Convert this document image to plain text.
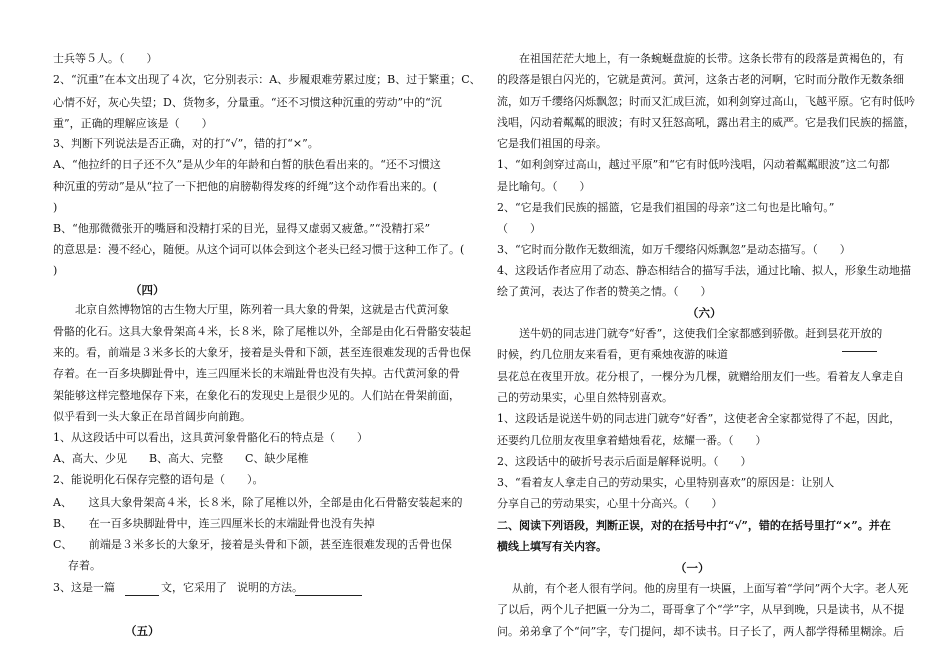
士兵等５人。（　　）
2、“沉重”在本文出现了４次，它分别表示：A、步履艰难劳累过度；B、过于繁重；C、
心情不好，灰心失望；D、货物多，分量重。“还不习惯这种沉重的劳动”中的“沉
重”，正确的理解应该是（　　）
3、判断下列说法是否正确，对的打“√”，错的打“×”。
A、“他拉纤的日子还不久”是从少年的年龄和白皙的肤色看出来的。“还不习惯这
种沉重的劳动”是从“拉了一下把他的肩膀勒得发疼的纤绳”这个动作看出来的。(
)
B、“他那微微张开的嘴唇和没精打采的目光，显得又虚弱又疲惫。”“没精打采”
的意思是：漫不经心，随便。从这个词可以体会到这个老头已经习惯于这种工作了。(
)
（四）
北京自然博物馆的古生物大厅里，陈列着一具大象的骨架，这就是古代黄河象
骨骼的化石。这具大象骨架高４米，长８米，除了尾椎以外，全部是由化石骨骼安装起
来的。看，前端是３米多长的大象牙，接着是头骨和下颌，甚至连很难发现的舌骨也保
存着。在一百多块脚趾骨中，连三四厘米长的末端趾骨也没有失掉。古代黄河象的骨
架能够这样完整地保存下来，在象化石的发现史上是很少见的。人们站在骨架前面，
似乎看到一头大象正在昂首阔步向前跑。
1、从这段话中可以看出，这具黄河象骨骼化石的特点是（　　）
A、高大、少见　　B、高大、完整　　C、缺少尾椎
2、能说明化石保存完整的语句是（　　）。
A、　　这具大象骨架高４米，长８米，除了尾椎以外，全部是由化石骨骼安装起来的
B、　　在一百多块脚趾骨中，连三四厘米长的末端趾骨也没有失掉
C、　　前端是３米多长的大象牙，接着是头骨和下颌，甚至连很难发现的舌骨也保
存着。
3、这是一篇	文，它采用了 说明的方法。
（五）
在祖国茫茫大地上，有一条蜿蜒盘旋的长带。这条长带有的段落是黄褐色的，有
的段落是银白闪光的，它就是黄河。黄河，这条古老的河啊，它时而分散作无数条细
流，如万千缨络闪烁飘忽；时而又汇成巨流，如利剑穿过高山，飞越平原。它有时低吟
浅唱，闪动着粼粼的眼波；有时又狂怒高吼，露出君主的威严。它是我们民族的摇篮，
它是我们祖国的母亲。
1、“如利剑穿过高山，越过平原”和“它有时低吟浅唱，闪动着粼粼眼波”这二句都
是比喻句。（　　）
2、“它是我们民族的摇篮，它是我们祖国的母亲”这二句也是比喻句。”
（　　）
3、“它时而分散作无数细流，如万千缨络闪烁飘忽”是动态描写。（　　）
4、这段话作者应用了动态、静态相结合的描写手法，通过比喻、拟人，形象生动地描
绘了黄河，表达了作者的赞美之情。（　　）
（六）
送牛奶的同志进门就夸“好香”，这使我们全家都感到骄傲。赶到昙花开放的
时候，约几位朋友来看看，更有乘烛夜游的味道
昙花总在夜里开放。花分根了，一棵分为几棵，就赠给朋友们一些。看着友人拿走自
己的劳动果实，心里自然特别喜欢。
1、这段话是说送牛奶的同志进门就夸“好香”，这使老舍全家都觉得了不起，因此，
还要约几位朋友夜里拿着蜡烛看花，炫耀一番。（　　）
2、这段话中的破折号表示后面是解释说明。（　　）
3、“看着友人拿走自己的劳动果实，心里特别喜欢”的原因是：让别人
分享自己的劳动果实，心里十分高兴。（　　）
二、阅读下列语段，判断正误，对的在括号中打“√”，错的在括号里打“×”。并在
横线上填写有关内容。
（一）
从前，有个老人很有学问。他的房里有一块匾，上面写着“学问”两个大字。老人死
了以后，两个儿子把匾一分为二，哥哥拿了个“学”字，从早到晚，只是读书，从不提
问。弟弟拿了个“问”字，专门提问，却不读书。日子长了，两人都学得稀里糊涂。后
